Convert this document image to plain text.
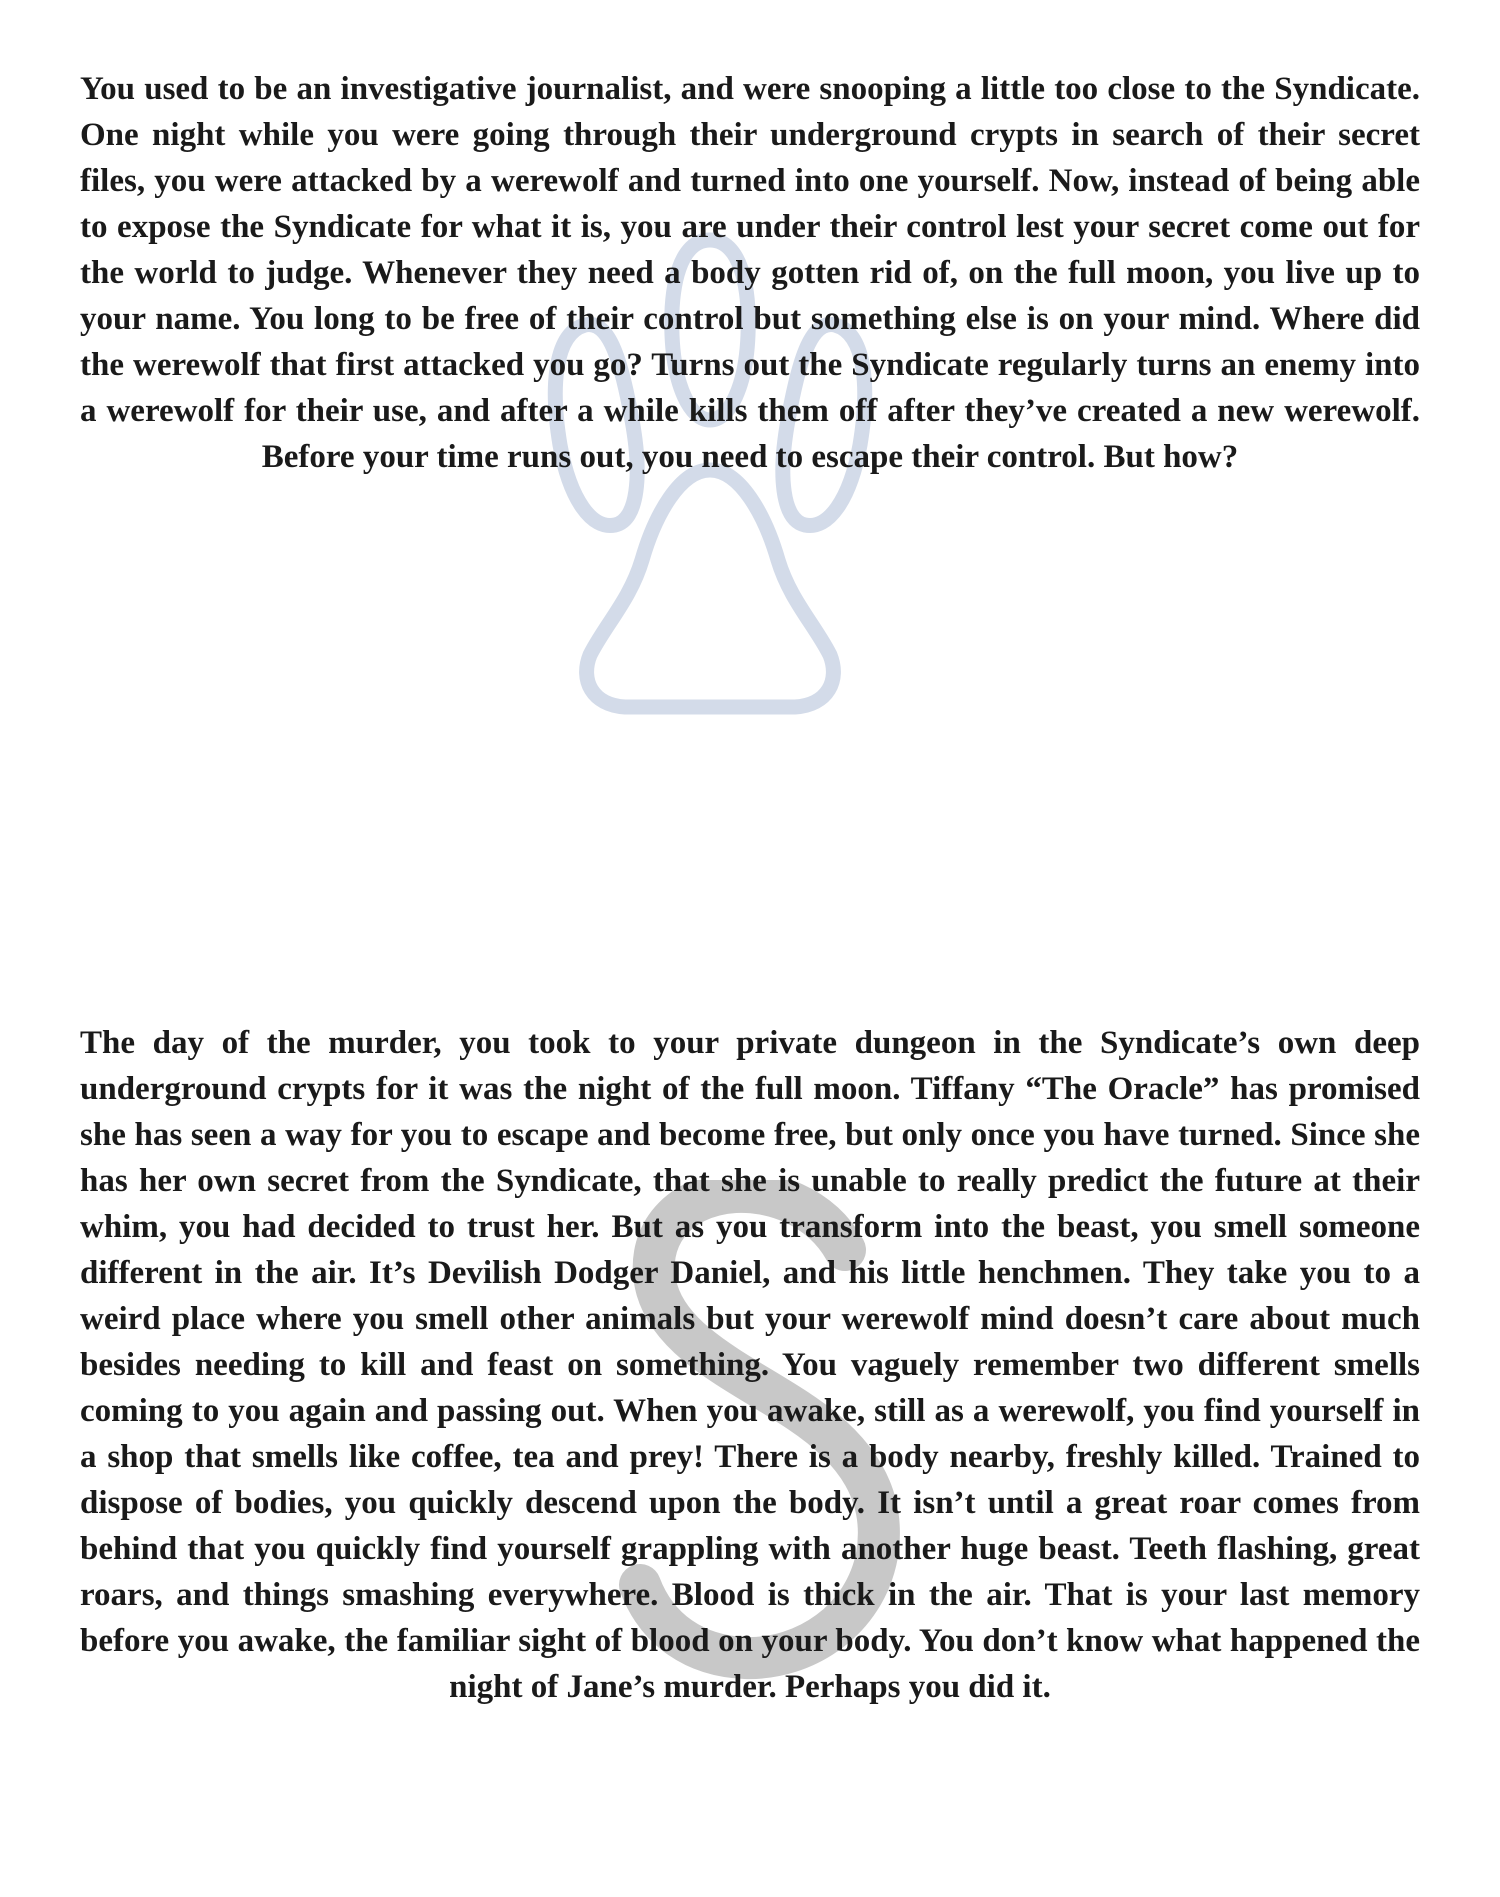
You used to be an investigative journalist, and were snooping a little too close to the Syndicate. One night while you were going through their underground crypts in search of their secret files, you were attacked by a werewolf and turned into one yourself. Now, instead of being able to expose the Syndicate for what it is, you are under their control lest your secret come out for the world to judge. Whenever they need a body gotten rid of, on the full moon, you live up to your name. You long to be free of their control but something else is on your mind. Where did the werewolf that first attacked you go? Turns out the Syndicate regularly turns an enemy into a werewolf for their use, and after a while kills them off after they’ve created a new werewolf. Before your time runs out, you need to escape their control. But how?

The day of the murder, you took to your private dungeon in the Syndicate’s own deep underground crypts for it was the night of the full moon. Tiffany “The Oracle” has promised she has seen a way for you to escape and become free, but only once you have turned. Since she has her own secret from the Syndicate, that she is unable to really predict the future at their whim, you had decided to trust her. But as you transform into the beast, you smell someone different in the air. It’s Devilish Dodger Daniel, and his little henchmen. They take you to a weird place where you smell other animals but your werewolf mind doesn’t care about much besides needing to kill and feast on something. You vaguely remember two different smells coming to you again and passing out. When you awake, still as a werewolf, you find yourself in a shop that smells like coffee, tea and prey! There is a body nearby, freshly killed. Trained to dispose of bodies, you quickly descend upon the body. It isn’t until a great roar comes from behind that you quickly find yourself grappling with another huge beast. Teeth flashing, great roars, and things smashing everywhere. Blood is thick in the air. That is your last memory before you awake, the familiar sight of blood on your body. You don’t know what happened the night of Jane’s murder. Perhaps you did it.
